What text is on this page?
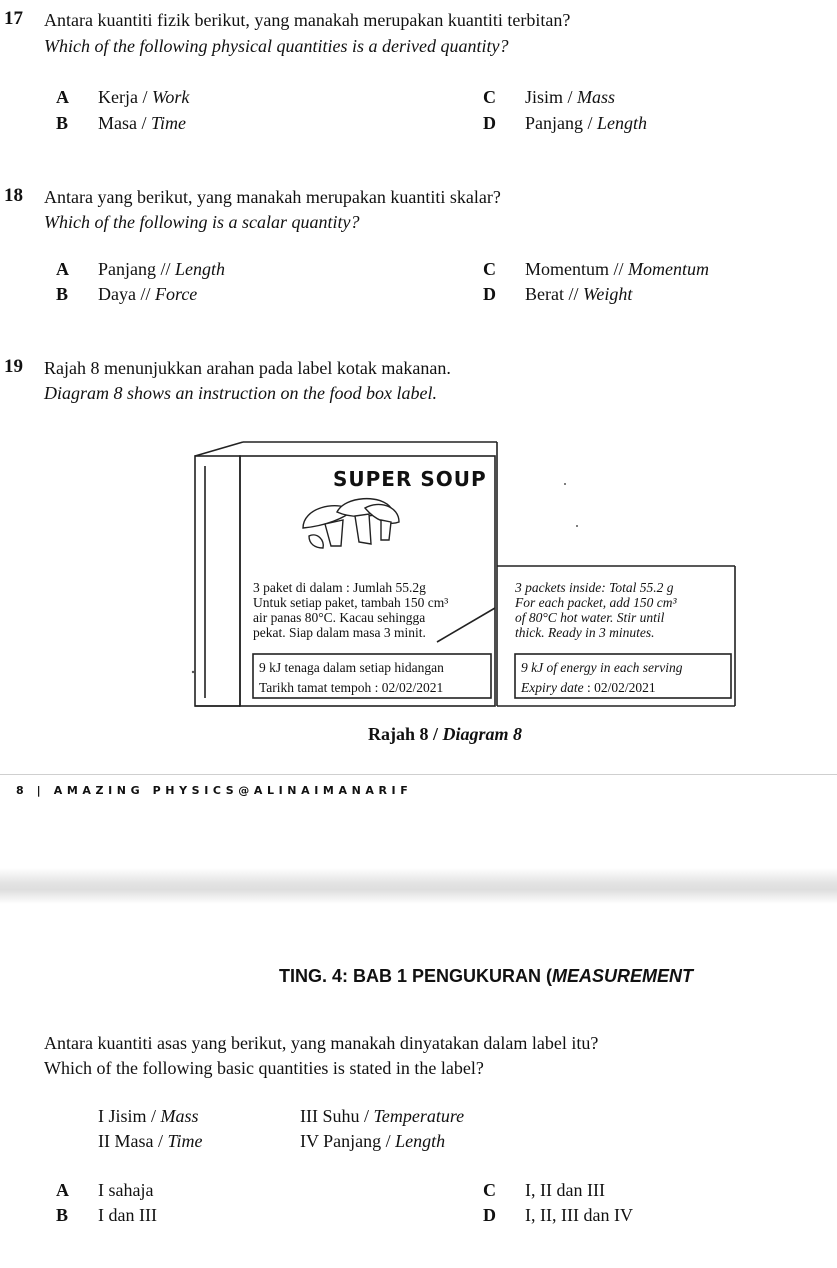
17 Antara kuantiti fizik berikut, yang manakah merupakan kuantiti terbitan?
Which of the following physical quantities is a derived quantity?
A Kerja / Work
B Masa / Time
C Jisim / Mass
D Panjang / Length
18 Antara yang berikut, yang manakah merupakan kuantiti skalar?
Which of the following is a scalar quantity?
A Panjang // Length
B Daya // Force
C Momentum // Momentum
D Berat // Weight
19 Rajah 8 menunjukkan arahan pada label kotak makanan.
Diagram 8 shows an instruction on the food box label.
SUPER SOUP
3 paket di dalam : Jumlah 55.2g
Untuk setiap paket, tambah 150 cm³
air panas 80°C. Kacau sehingga
pekat. Siap dalam masa 3 minit.
9 kJ tenaga dalam setiap hidangan
Tarikh tamat tempoh : 02/02/2021
3 packets inside: Total 55.2 g
For each packet, add 150 cm³
of 80°C hot water. Stir until
thick. Ready in 3 minutes.
9 kJ of energy in each serving
Expiry date : 02/02/2021
Rajah 8 / Diagram 8
8 | AMAZING PHYSICS@ALINAIMANARIF
TING. 4: BAB 1 PENGUKURAN (MEASUREMENT
Antara kuantiti asas yang berikut, yang manakah dinyatakan dalam label itu?
Which of the following basic quantities is stated in the label?
I Jisim / Mass
II Masa / Time
III Suhu / Temperature
IV Panjang / Length
A I sahaja
B I dan III
C I, II dan III
D I, II, III dan IV
